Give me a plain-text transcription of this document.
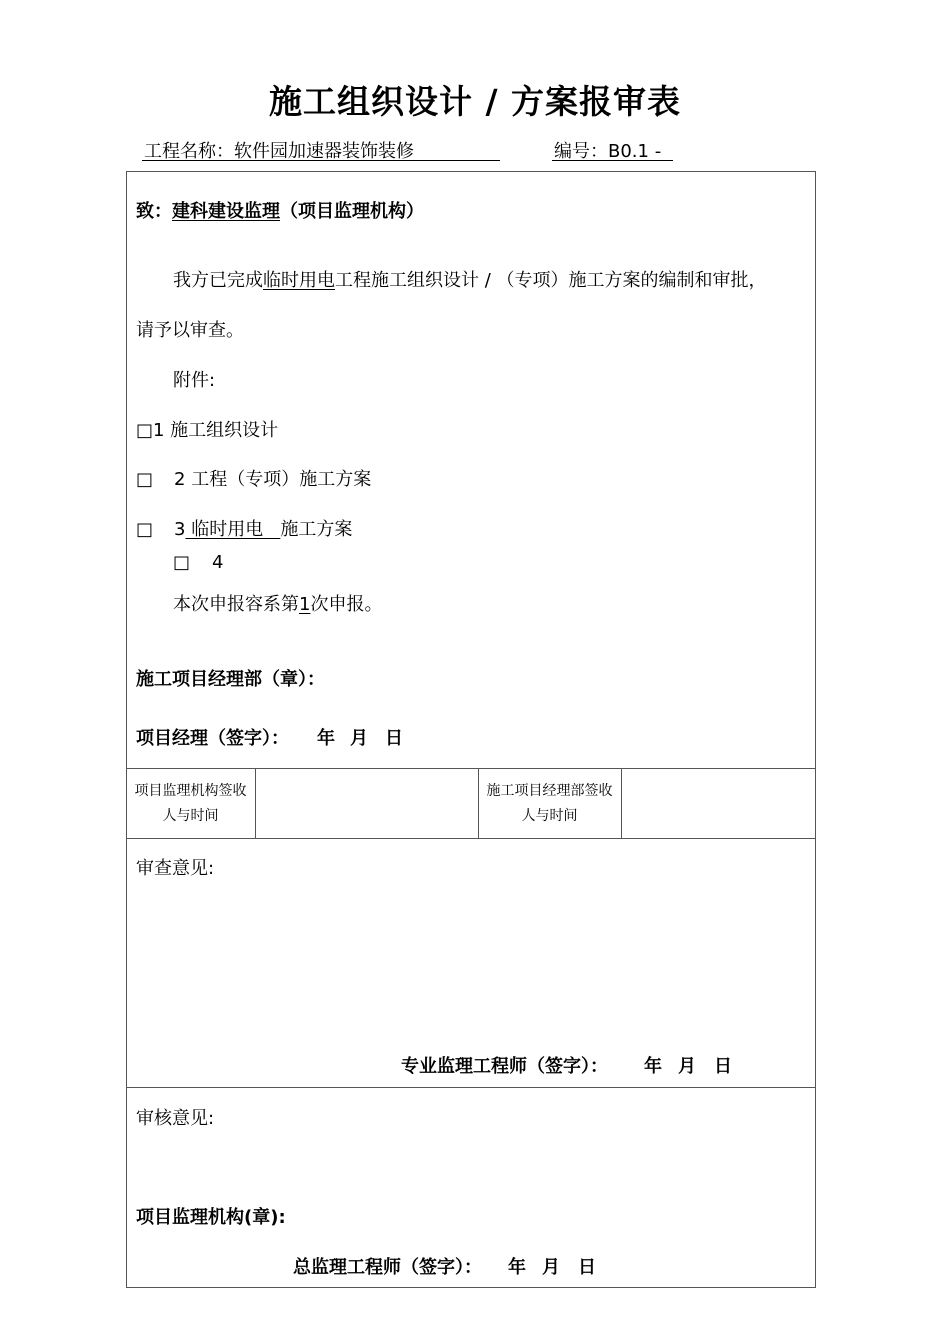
施工组织设计 / 方案报审表
工程名称：软件园加速器装饰装修	编号：B0.1 -
致：建科建设监理（项目监理机构）
我方已完成临时用电工程施工组织设计 / （专项）施工方案的编制和审批，
请予以审查。
附件:
□1 施工组织设计
□ 2 工程（专项）施工方案
□ 3 临时用电   施工方案
□ 4
本次申报容系第1次申报。
施工项目经理部（章）：
项目经理（签字）： 年 月 日
项目监理机构签收人与时间
施工项目经理部签收人与时间
审查意见:
专业监理工程师（签字）： 年 月 日
审核意见:
项目监理机构(章):
总监理工程师（签字）： 年 月 日
